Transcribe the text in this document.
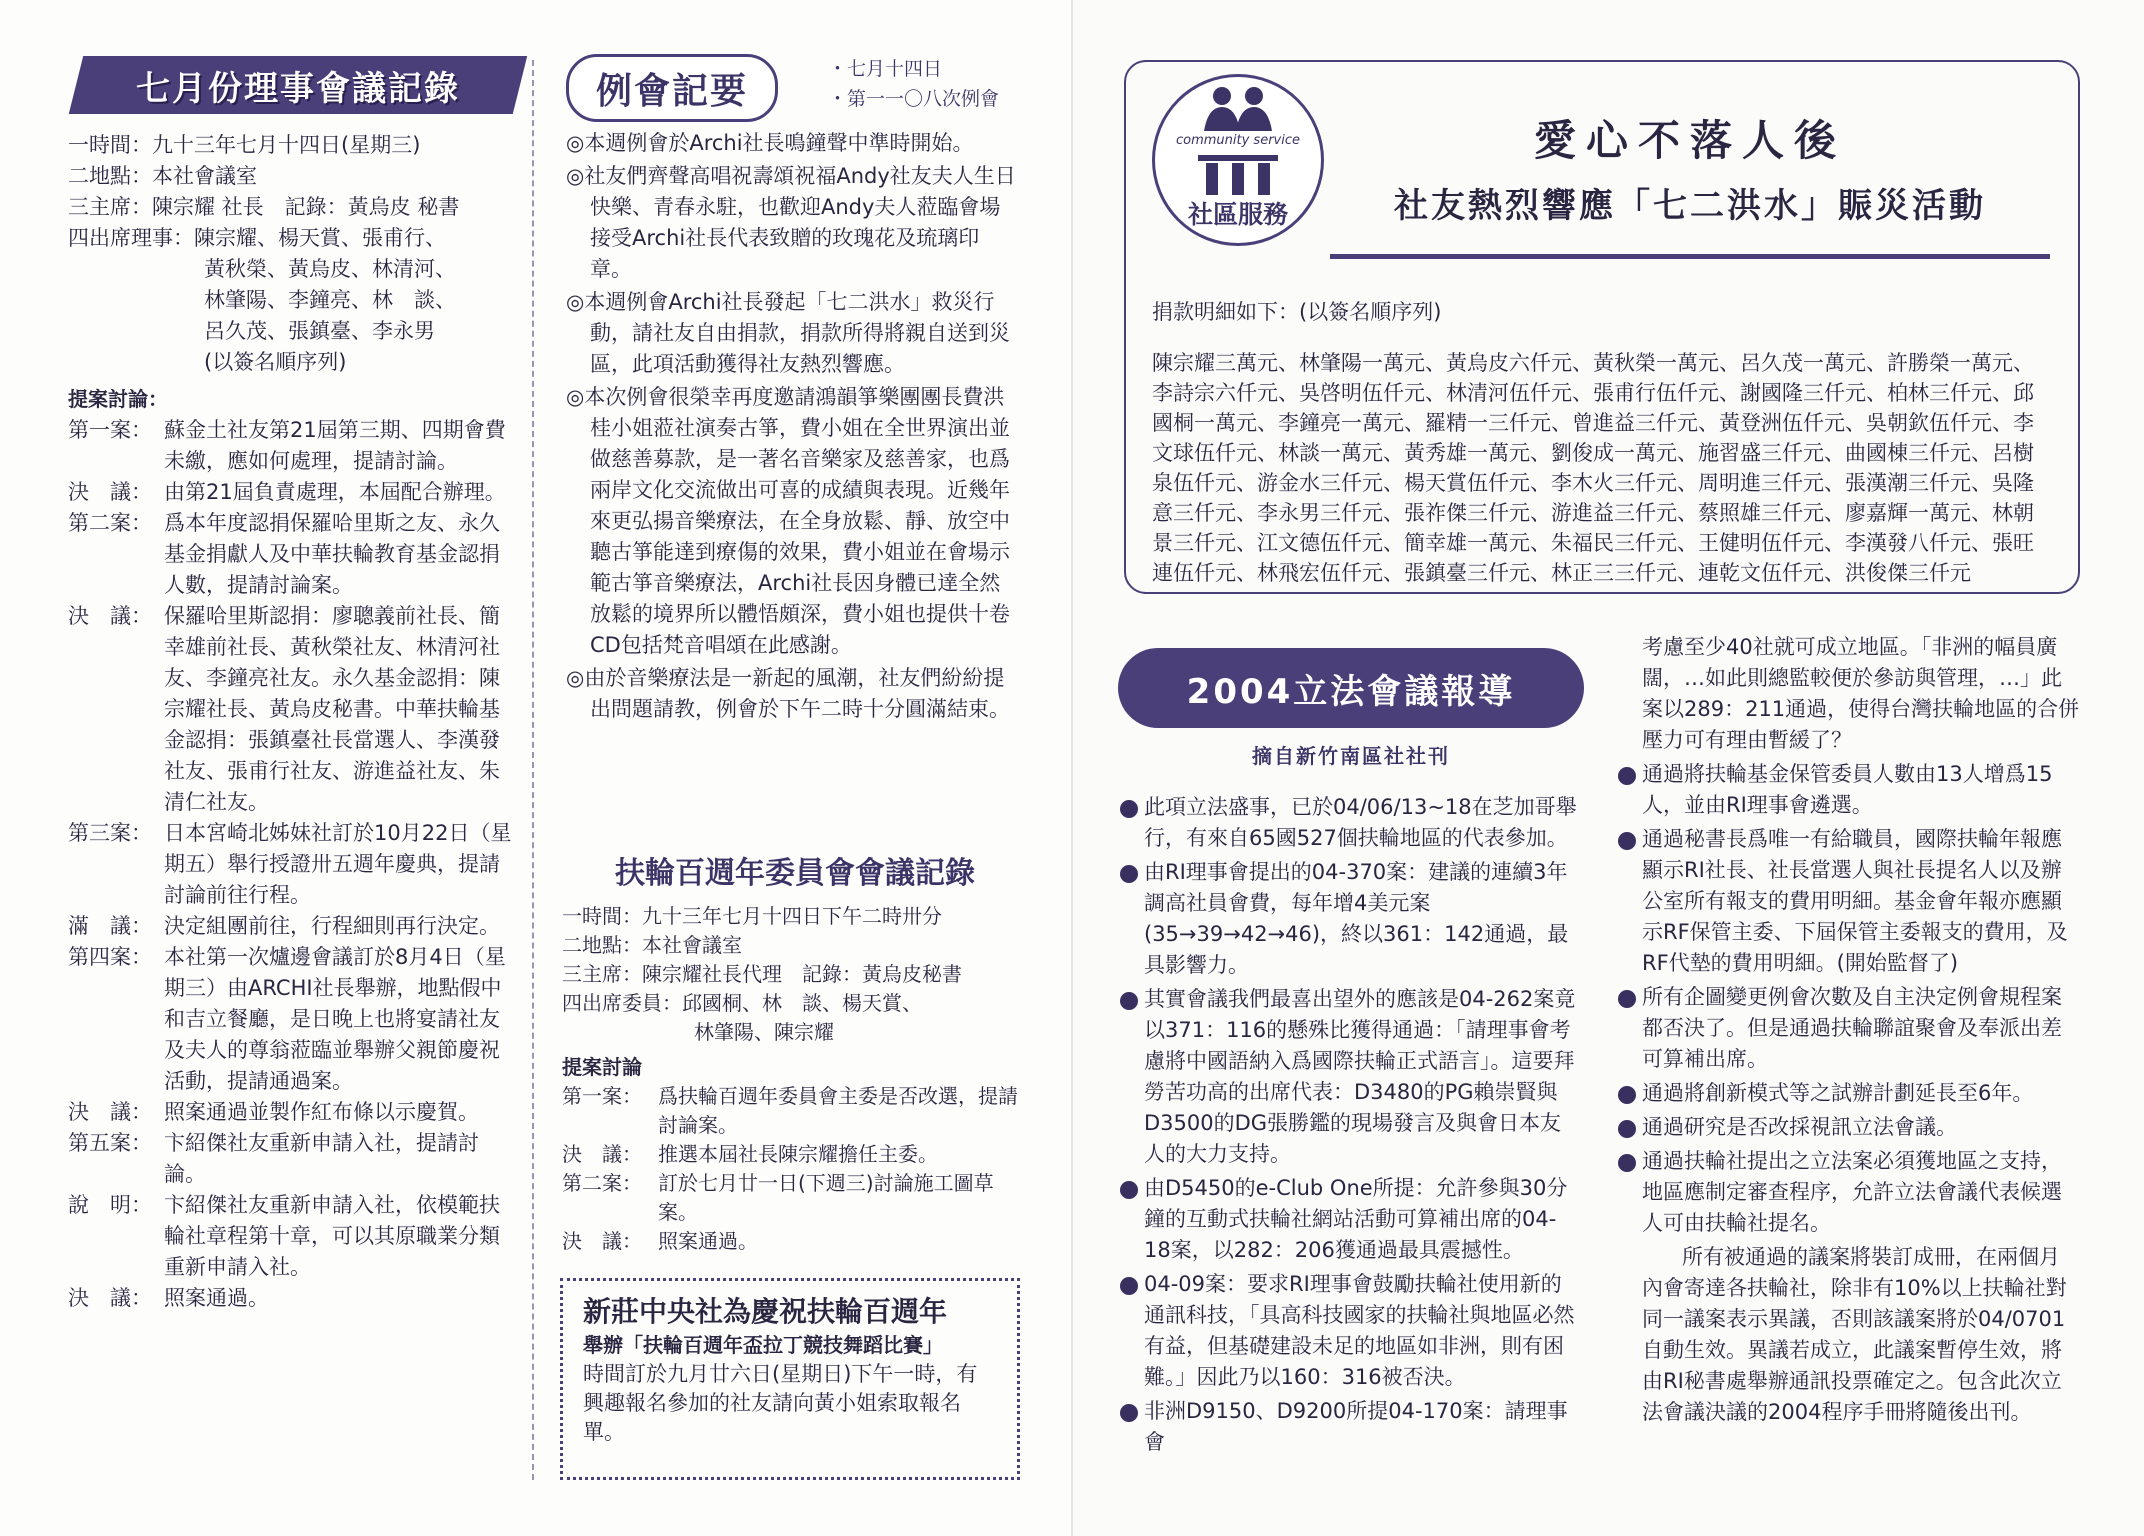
七月份理事會議記錄

一時間： 九十三年七月十四日(星期三)

二地點： 本社會議室

三主席： 陳宗耀 社長　記錄：黃烏皮 秘書

四出席理事： 陳宗耀、楊天賞、張甫行、

黃秋榮、黃烏皮、林清河、

林肇陽、李鐘亮、林　談、

呂久茂、張鎮臺、李永男

(以簽名順序列)

提案討論：

第一案： 蘇金土社友第21屆第三期、四期會費未繳，應如何處理，提請討論。

決　議： 由第21屆負責處理，本屆配合辦理。

第二案： 爲本年度認捐保羅哈里斯之友、永久基金捐獻人及中華扶輪教育基金認捐人數，提請討論案。

決　議： 保羅哈里斯認捐：廖聰義前社長、簡幸雄前社長、黃秋榮社友、林清河社友、李鐘亮社友。永久基金認捐：陳宗耀社長、黃烏皮秘書。中華扶輪基金認捐：張鎮臺社長當選人、李漢發社友、張甫行社友、游進益社友、朱清仁社友。

第三案： 日本宮崎北姊妹社訂於10月22日（星期五）舉行授證卅五週年慶典，提請討論前往行程。

滿　議： 決定組團前往，行程細則再行決定。

第四案： 本社第一次爐邊會議訂於8月4日（星期三）由ARCHI社長舉辦，地點假中和吉立餐廳，是日晚上也將宴請社友及夫人的尊翁蒞臨並舉辦父親節慶祝活動，提請通過案。

決　議： 照案通過並製作紅布條以示慶賀。

第五案： 卞紹傑社友重新申請入社，提請討論。

說　明： 卞紹傑社友重新申請入社，依模範扶輪社章程第十章，可以其原職業分類重新申請入社。

決　議： 照案通過。

例會記要
・七月十四日
・第一一〇八次例會

◎本週例會於Archi社長鳴鐘聲中準時開始。

◎社友們齊聲高唱祝壽頌祝福Andy社友夫人生日快樂、青春永駐，也歡迎Andy夫人蒞臨會場接受Archi社長代表致贈的玫瑰花及琉璃印章。

◎本週例會Archi社長發起「七二洪水」救災行動，請社友自由捐款，捐款所得將親自送到災區，此項活動獲得社友熱烈響應。

◎本次例會很榮幸再度邀請鴻韻箏樂團團長費洪桂小姐蒞社演奏古箏，費小姐在全世界演出並做慈善募款，是一著名音樂家及慈善家，也爲兩岸文化交流做出可喜的成績與表現。近幾年來更弘揚音樂療法，在全身放鬆、靜、放空中聽古箏能達到療傷的效果，費小姐並在會場示範古箏音樂療法，Archi社長因身體已達全然放鬆的境界所以體悟頗深，費小姐也提供十卷CD包括梵音唱頌在此感謝。

◎由於音樂療法是一新起的風潮，社友們紛紛提出問題請教，例會於下午二時十分圓滿結束。

扶輪百週年委員會會議記錄

一時間： 九十三年七月十四日下午二時卅分

二地點： 本社會議室

三主席： 陳宗耀社長代理　記錄：黃烏皮秘書

四出席委員： 邱國桐、林　談、楊天賞、

林肇陽、陳宗耀

提案討論

第一案： 爲扶輪百週年委員會主委是否改選，提請討論案。

決　議： 推選本屆社長陳宗耀擔任主委。

第二案： 訂於七月廿一日(下週三)討論施工圖草案。

決　議： 照案通過。

新莊中央社為慶祝扶輪百週年
舉辦「扶輪百週年盃拉丁競技舞蹈比賽」
時間訂於九月廿六日(星期日)下午一時，有興趣報名參加的社友請向黃小姐索取報名單。
community service
社區服務
愛心不落人後
社友熱烈響應「七二洪水」賑災活動

捐款明細如下：(以簽名順序列)

陳宗耀三萬元、林肇陽一萬元、黃烏皮六仟元、黃秋榮一萬元、呂久茂一萬元、許勝榮一萬元、李詩宗六仟元、吳啓明伍仟元、林清河伍仟元、張甫行伍仟元、謝國隆三仟元、柏林三仟元、邱國桐一萬元、李鐘亮一萬元、羅精一三仟元、曾進益三仟元、黃登洲伍仟元、吳朝欽伍仟元、李文球伍仟元、林談一萬元、黃秀雄一萬元、劉俊成一萬元、施習盛三仟元、曲國棟三仟元、呂樹泉伍仟元、游金水三仟元、楊天賞伍仟元、李木火三仟元、周明進三仟元、張漢潮三仟元、吳隆意三仟元、李永男三仟元、張祚傑三仟元、游進益三仟元、蔡照雄三仟元、廖嘉輝一萬元、林朝景三仟元、江文德伍仟元、簡幸雄一萬元、朱福民三仟元、王健明伍仟元、李漢發八仟元、張旺連伍仟元、林飛宏伍仟元、張鎮臺三仟元、林正三三仟元、連乾文伍仟元、洪俊傑三仟元

2004立法會議報導
摘自新竹南區社社刊

此項立法盛事，已於04/06/13∼18在芝加哥舉行，有來自65國527個扶輪地區的代表參加。

由RI理事會提出的04-370案：建議的連續3年調高社員會費，每年增4美元案(35→39→42→46)，終以361：142通過，最具影響力。

其實會議我們最喜出望外的應該是04-262案竟以371：116的懸殊比獲得通過：「請理事會考慮將中國語納入爲國際扶輪正式語言」。這要拜勞苦功高的出席代表：D3480的PG賴崇賢與D3500的DG張勝鑑的現場發言及與會日本友人的大力支持。

由D5450的e-Club One所提：允許參與30分鐘的互動式扶輪社網站活動可算補出席的04-18案，以282：206獲通過最具震撼性。

04-09案：要求RI理事會鼓勵扶輪社使用新的通訊科技，「具高科技國家的扶輪社與地區必然有益，但基礎建設未足的地區如非洲，則有困難。」因此乃以160：316被否決。

非洲D9150、D9200所提04-170案：請理事會

考慮至少40社就可成立地區。「非洲的幅員廣闊，…如此則總監較便於參訪與管理，…」此案以289：211通過，使得台灣扶輪地區的合併壓力可有理由暫緩了？

通過將扶輪基金保管委員人數由13人增爲15人，並由RI理事會遴選。

通過秘書長爲唯一有給職員，國際扶輪年報應顯示RI社長、社長當選人與社長提名人以及辦公室所有報支的費用明細。基金會年報亦應顯示RF保管主委、下屆保管主委報支的費用，及RF代墊的費用明細。(開始監督了)

所有企圖變更例會次數及自主決定例會規程案都否決了。但是通過扶輪聯誼聚會及奉派出差可算補出席。

通過將創新模式等之試辦計劃延長至6年。

通過研究是否改採視訊立法會議。

通過扶輪社提出之立法案必須獲地區之支持，地區應制定審查程序，允許立法會議代表候選人可由扶輪社提名。

所有被通過的議案將裝訂成冊，在兩個月內會寄達各扶輪社，除非有10%以上扶輪社對同一議案表示異議，否則該議案將於04/0701自動生效。異議若成立，此議案暫停生效，將由RI秘書處舉辦通訊投票確定之。包含此次立法會議決議的2004程序手冊將隨後出刊。
